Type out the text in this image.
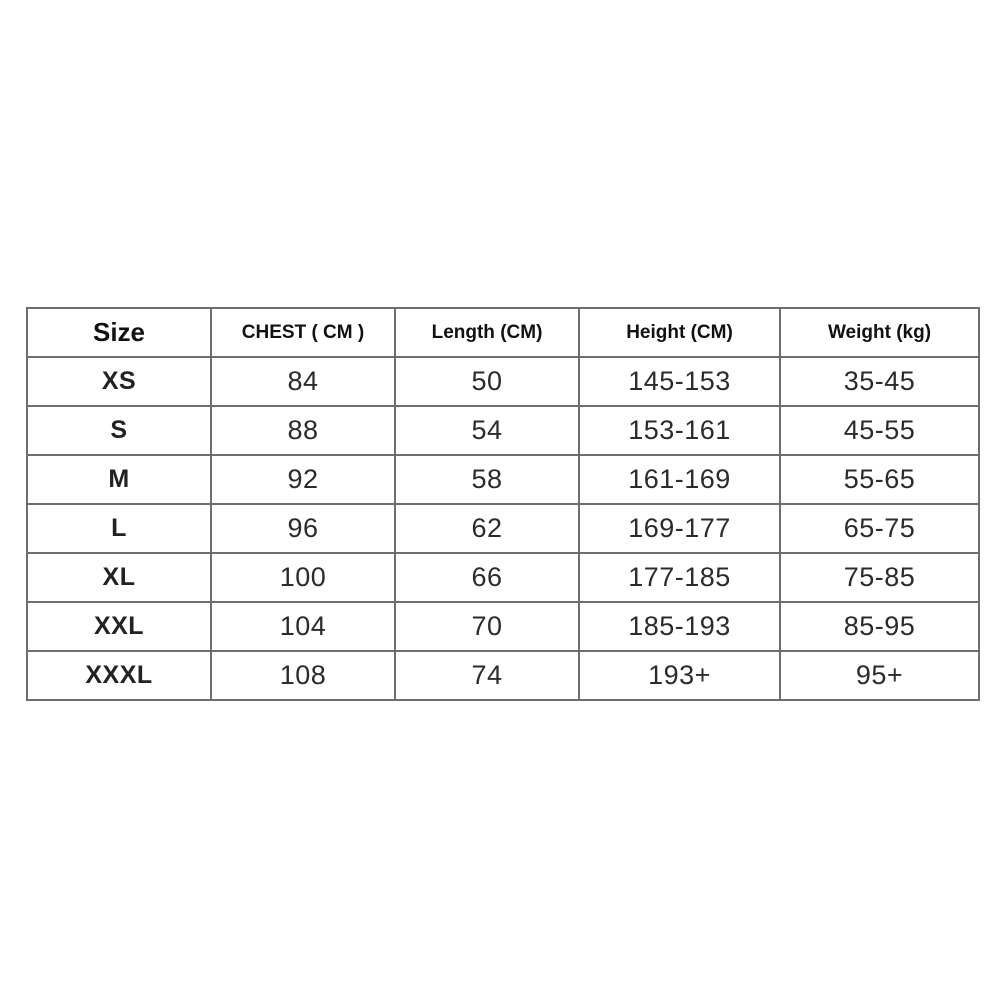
Size	CHEST ( CM )	Length (CM)	Height (CM)	Weight (kg)
XS	84	50	145-153	35-45
S	88	54	153-161	45-55
M	92	58	161-169	55-65
L	96	62	169-177	65-75
XL	100	66	177-185	75-85
XXL	104	70	185-193	85-95
XXXL	108	74	193+	95+
